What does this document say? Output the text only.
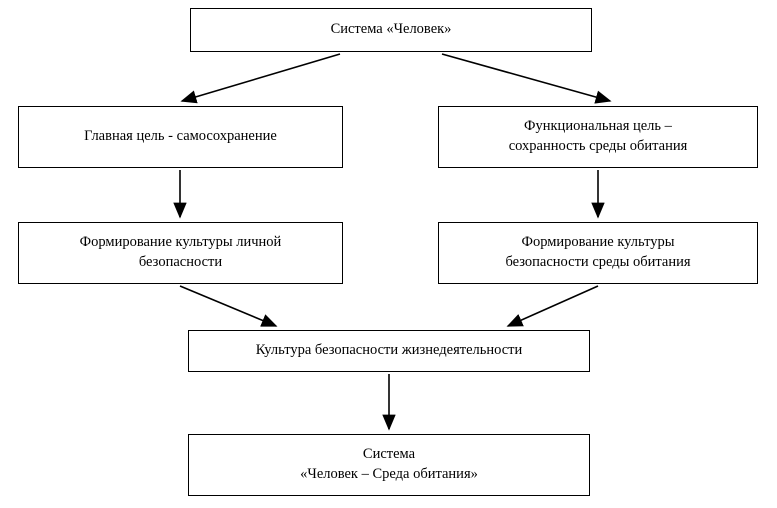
Система «Человек»
Главная цель - самосохранение
Функциональная цель –
сохранность среды обитания
Формирование культуры личной
безопасности
Формирование культуры
безопасности среды обитания
Культура безопасности жизнедеятельности
Система
«Человек – Среда обитания»
